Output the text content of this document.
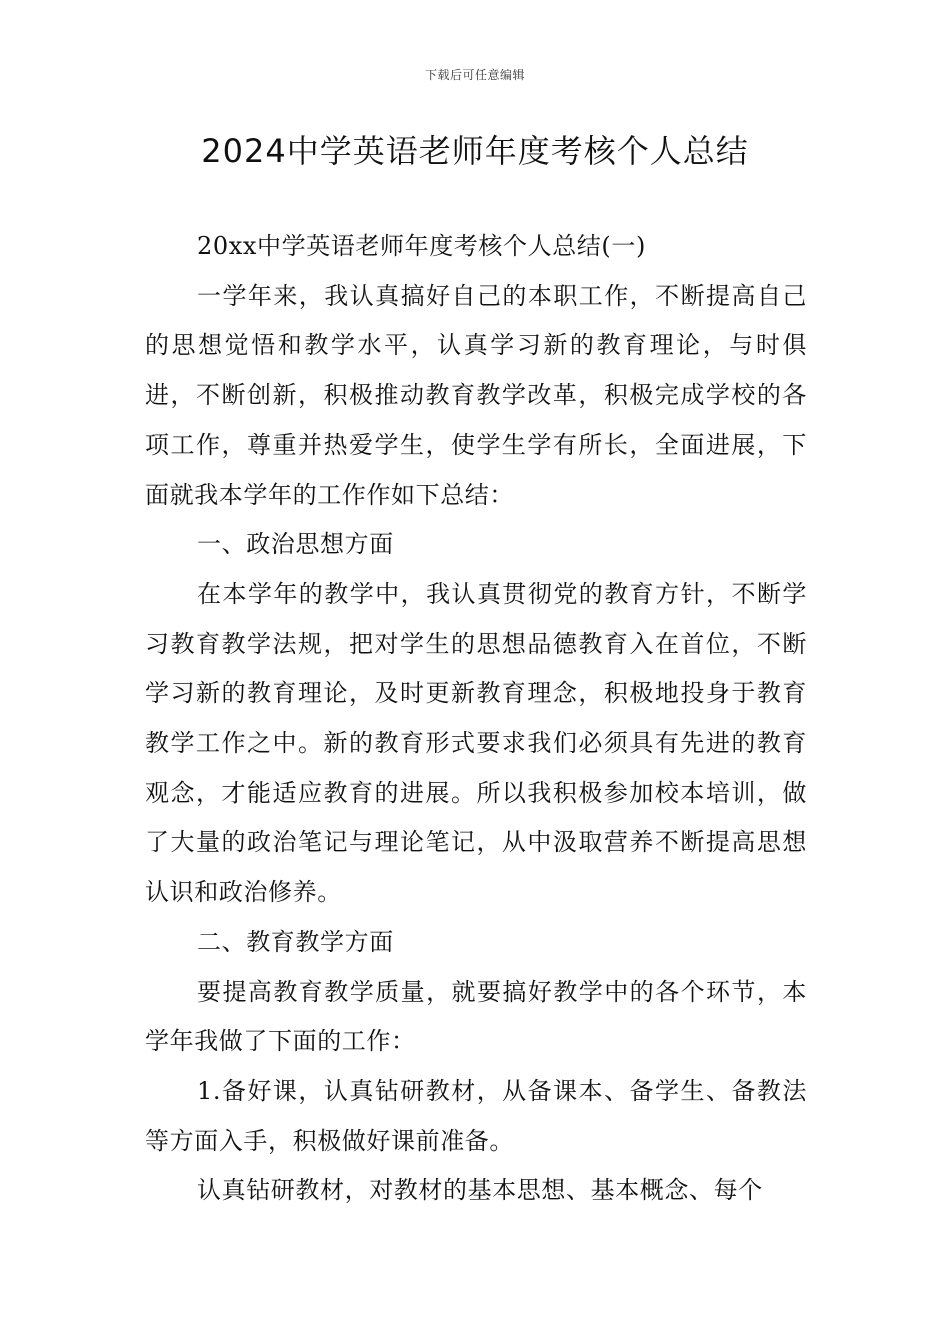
下载后可任意编辑
2024中学英语老师年度考核个人总结

20xx中学英语老师年度考核个人总结(一)

一学年来，我认真搞好自己的本职工作，不断提高自己的思想觉悟和教学水平，认真学习新的教育理论，与时俱进，不断创新，积极推动教育教学改革，积极完成学校的各项工作，尊重并热爱学生，使学生学有所长，全面进展，下面就我本学年的工作作如下总结：

一、政治思想方面

在本学年的教学中，我认真贯彻党的教育方针，不断学习教育教学法规，把对学生的思想品德教育入在首位，不断学习新的教育理论，及时更新教育理念，积极地投身于教育教学工作之中。新的教育形式要求我们必须具有先进的教育观念，才能适应教育的进展。所以我积极参加校本培训，做了大量的政治笔记与理论笔记，从中汲取营养不断提高思想认识和政治修养。

二、教育教学方面

要提高教育教学质量，就要搞好教学中的各个环节，本学年我做了下面的工作：

1.备好课，认真钻研教材，从备课本、备学生、备教法等方面入手，积极做好课前准备。

认真钻研教材，对教材的基本思想、基本概念、每个
